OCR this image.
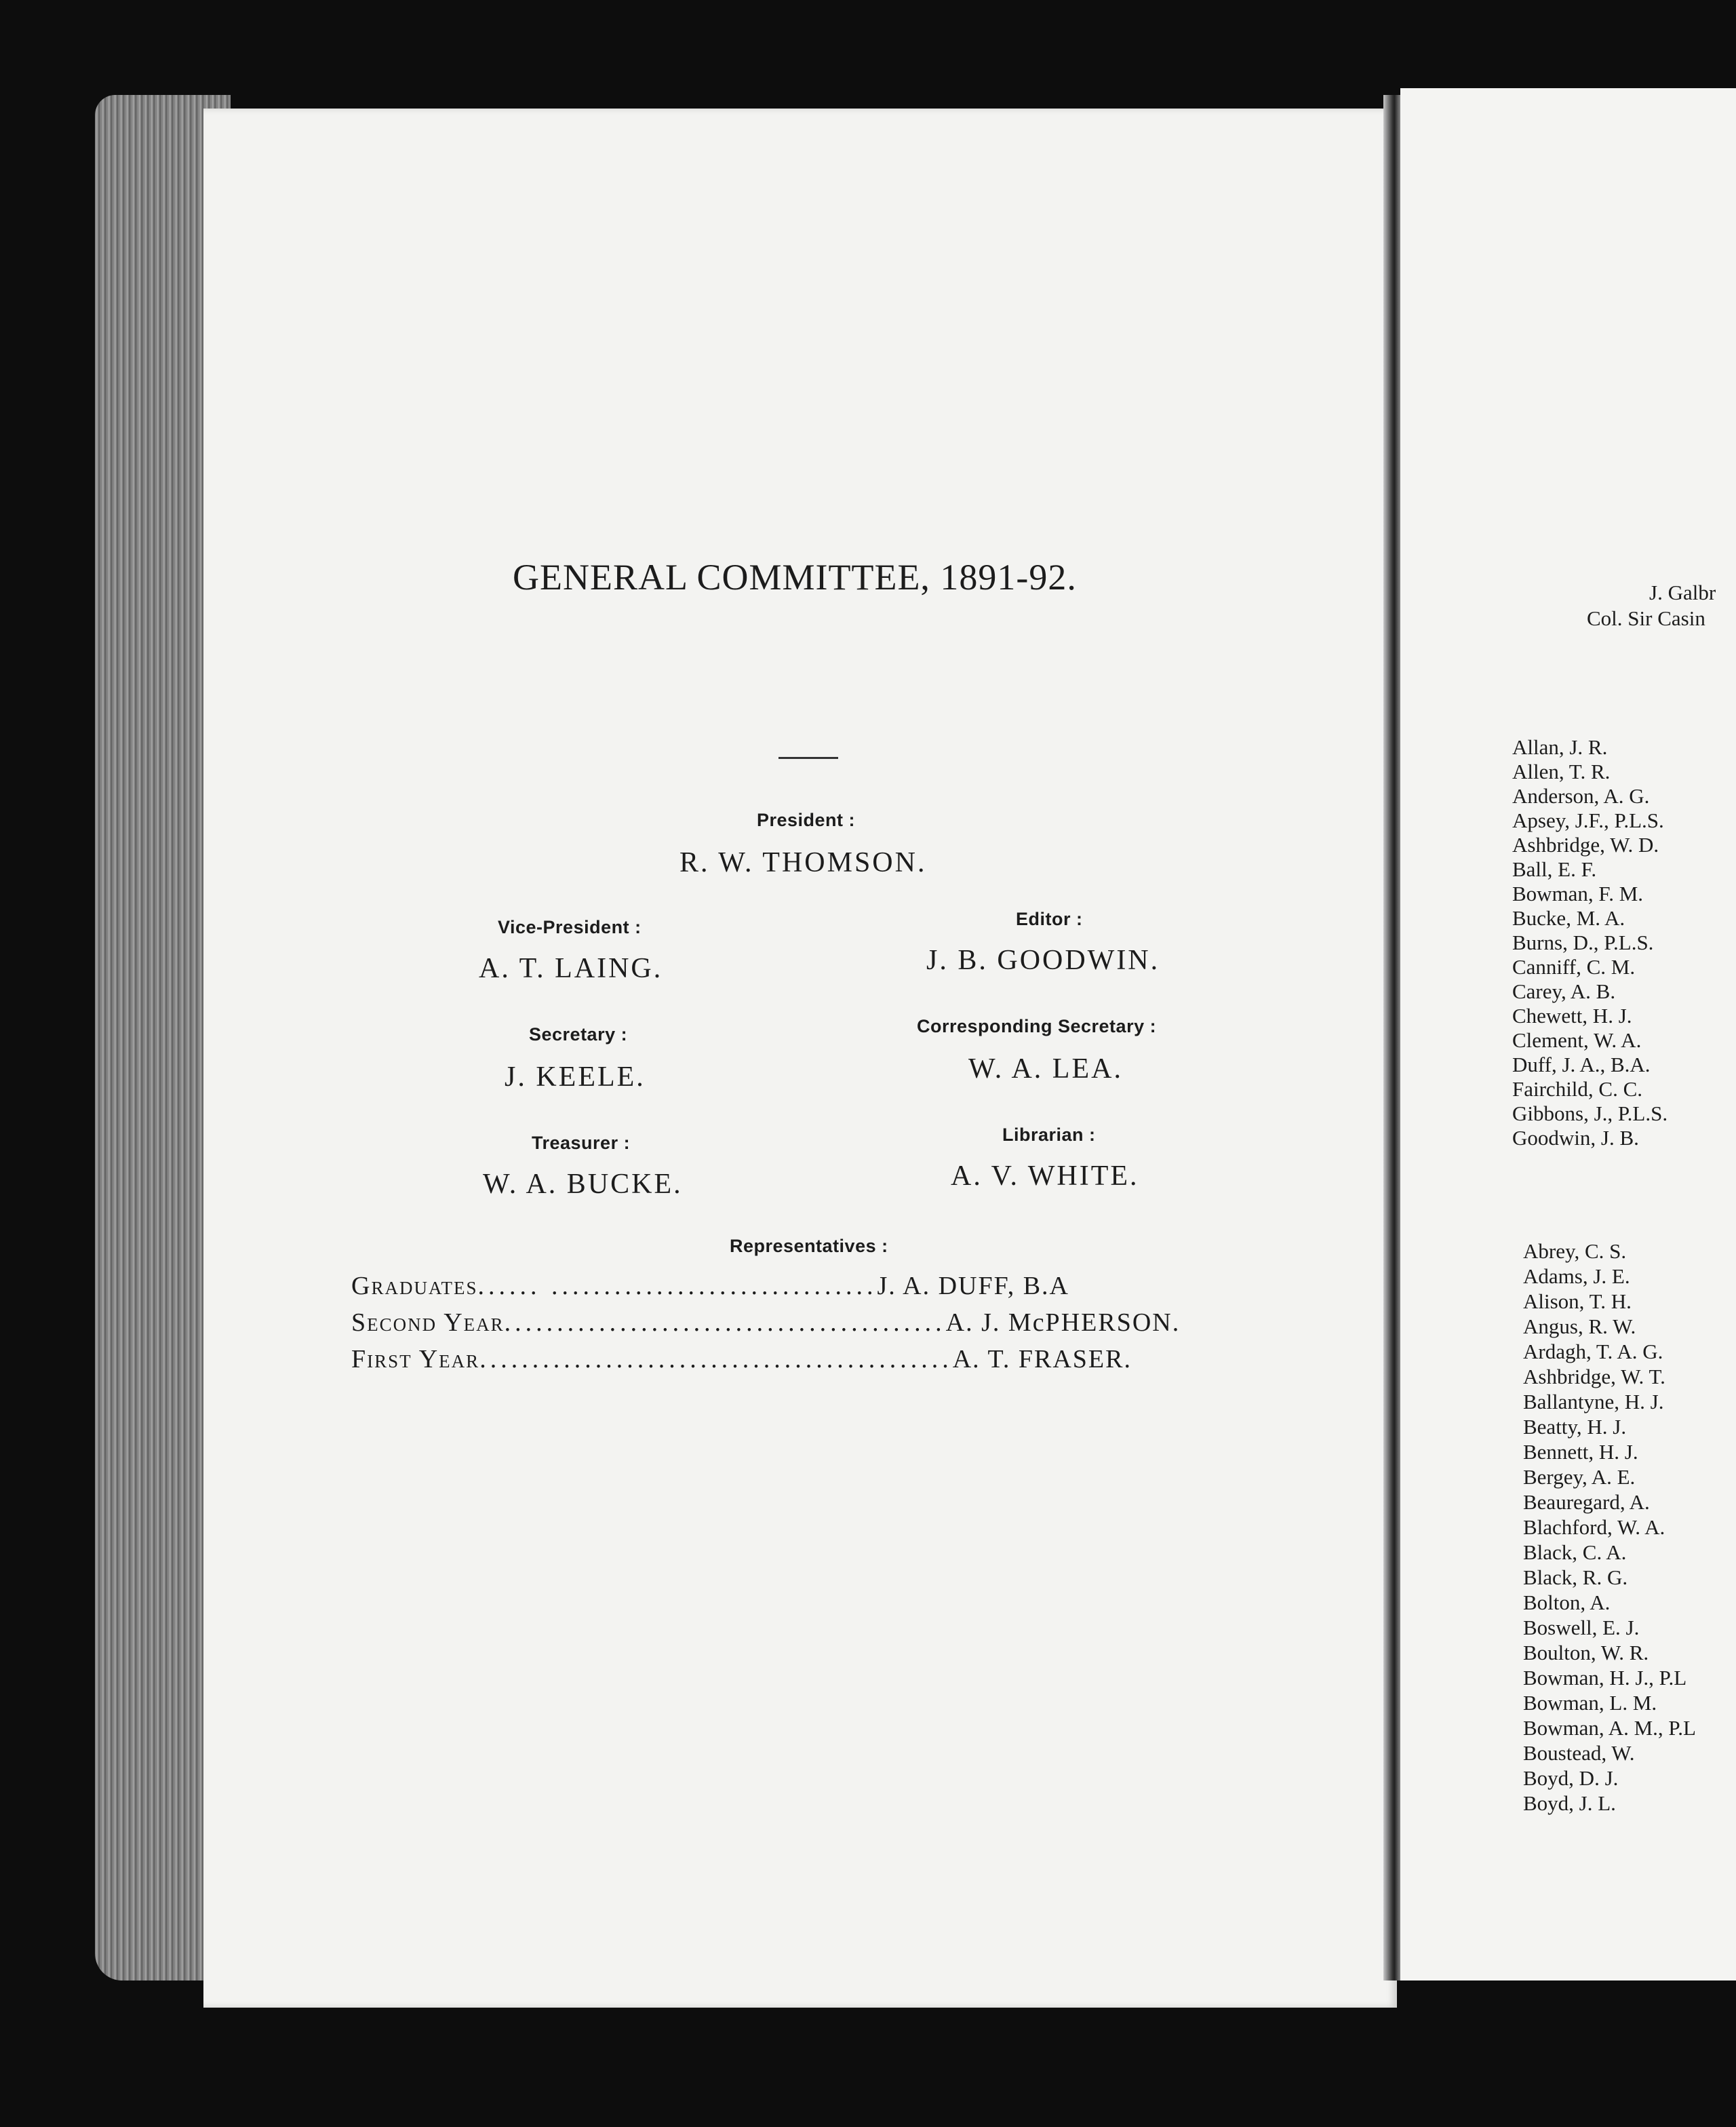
GENERAL COMMITTEE, 1891-92.
President :
R. W. THOMSON.
Vice-President :	Editor :
A. T. LAING.	J. B. GOODWIN.
Secretary :	Corresponding Secretary :
J. KEELE.	W. A. LEA.
Treasurer :	Librarian :
W. A. BUCKE.	A. V. WHITE.
Representatives :
Graduates...... ...............................J. A. DUFF, B.A
Second Year..........................................A. J. McPHERSON.
First Year.............................................A. T. FRASER.
J. Galbr
Col. Sir Casin
Allan, J. R.
Allen, T. R.
Anderson, A. G.
Apsey, J.F., P.L.S.
Ashbridge, W. D.
Ball, E. F.
Bowman, F. M.
Bucke, M. A.
Burns, D., P.L.S.
Canniff, C. M.
Carey, A. B.
Chewett, H. J.
Clement, W. A.
Duff, J. A., B.A.
Fairchild, C. C.
Gibbons, J., P.L.S.
Goodwin, J. B.
Abrey, C. S.
Adams, J. E.
Alison, T. H.
Angus, R. W.
Ardagh, T. A. G.
Ashbridge, W. T.
Ballantyne, H. J.
Beatty, H. J.
Bennett, H. J.
Bergey, A. E.
Beauregard, A.
Blachford, W. A.
Black, C. A.
Black, R. G.
Bolton, A.
Boswell, E. J.
Boulton, W. R.
Bowman, H. J., P.L
Bowman, L. M.
Bowman, A. M., P.L
Boustead, W.
Boyd, D. J.
Boyd, J. L.
